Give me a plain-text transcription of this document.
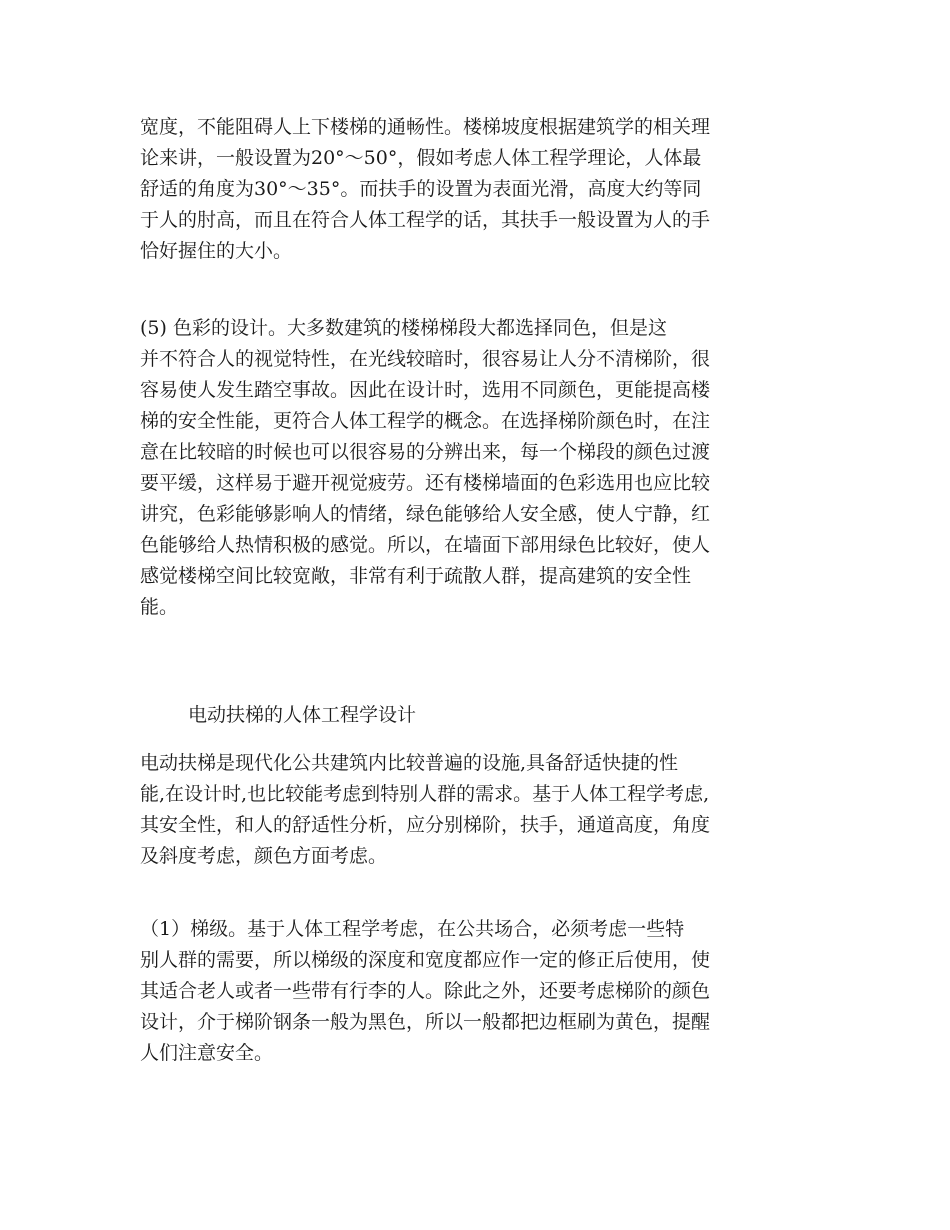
宽度，不能阻碍人上下楼梯的通畅性。楼梯坡度根据建筑学的相关理
论来讲，一般设置为20°～50°，假如考虑人体工程学理论，人体最
舒适的角度为30°～35°。而扶手的设置为表面光滑，高度大约等同
于人的肘高，而且在符合人体工程学的话，其扶手一般设置为人的手
恰好握住的大小。

(5) 色彩的设计。大多数建筑的楼梯梯段大都选择同色，但是这
并不符合人的视觉特性，在光线较暗时，很容易让人分不清梯阶，很
容易使人发生踏空事故。因此在设计时，选用不同颜色，更能提高楼
梯的安全性能，更符合人体工程学的概念。在选择梯阶颜色时，在注
意在比较暗的时候也可以很容易的分辨出来，每一个梯段的颜色过渡
要平缓，这样易于避开视觉疲劳。还有楼梯墙面的色彩选用也应比较
讲究，色彩能够影响人的情绪，绿色能够给人安全感，使人宁静，红
色能够给人热情积极的感觉。所以，在墙面下部用绿色比较好，使人
感觉楼梯空间比较宽敞，非常有利于疏散人群，提高建筑的安全性
能。

电动扶梯的人体工程学设计

电动扶梯是现代化公共建筑内比较普遍的设施,具备舒适快捷的性
能,在设计时,也比较能考虑到特别人群的需求。基于人体工程学考虑,
其安全性，和人的舒适性分析，应分别梯阶，扶手，通道高度，角度
及斜度考虑，颜色方面考虑。

（1）梯级。基于人体工程学考虑，在公共场合，必须考虑一些特
别人群的需要，所以梯级的深度和宽度都应作一定的修正后使用，使
其适合老人或者一些带有行李的人。除此之外，还要考虑梯阶的颜色
设计，介于梯阶钢条一般为黑色，所以一般都把边框刷为黄色，提醒
人们注意安全。
